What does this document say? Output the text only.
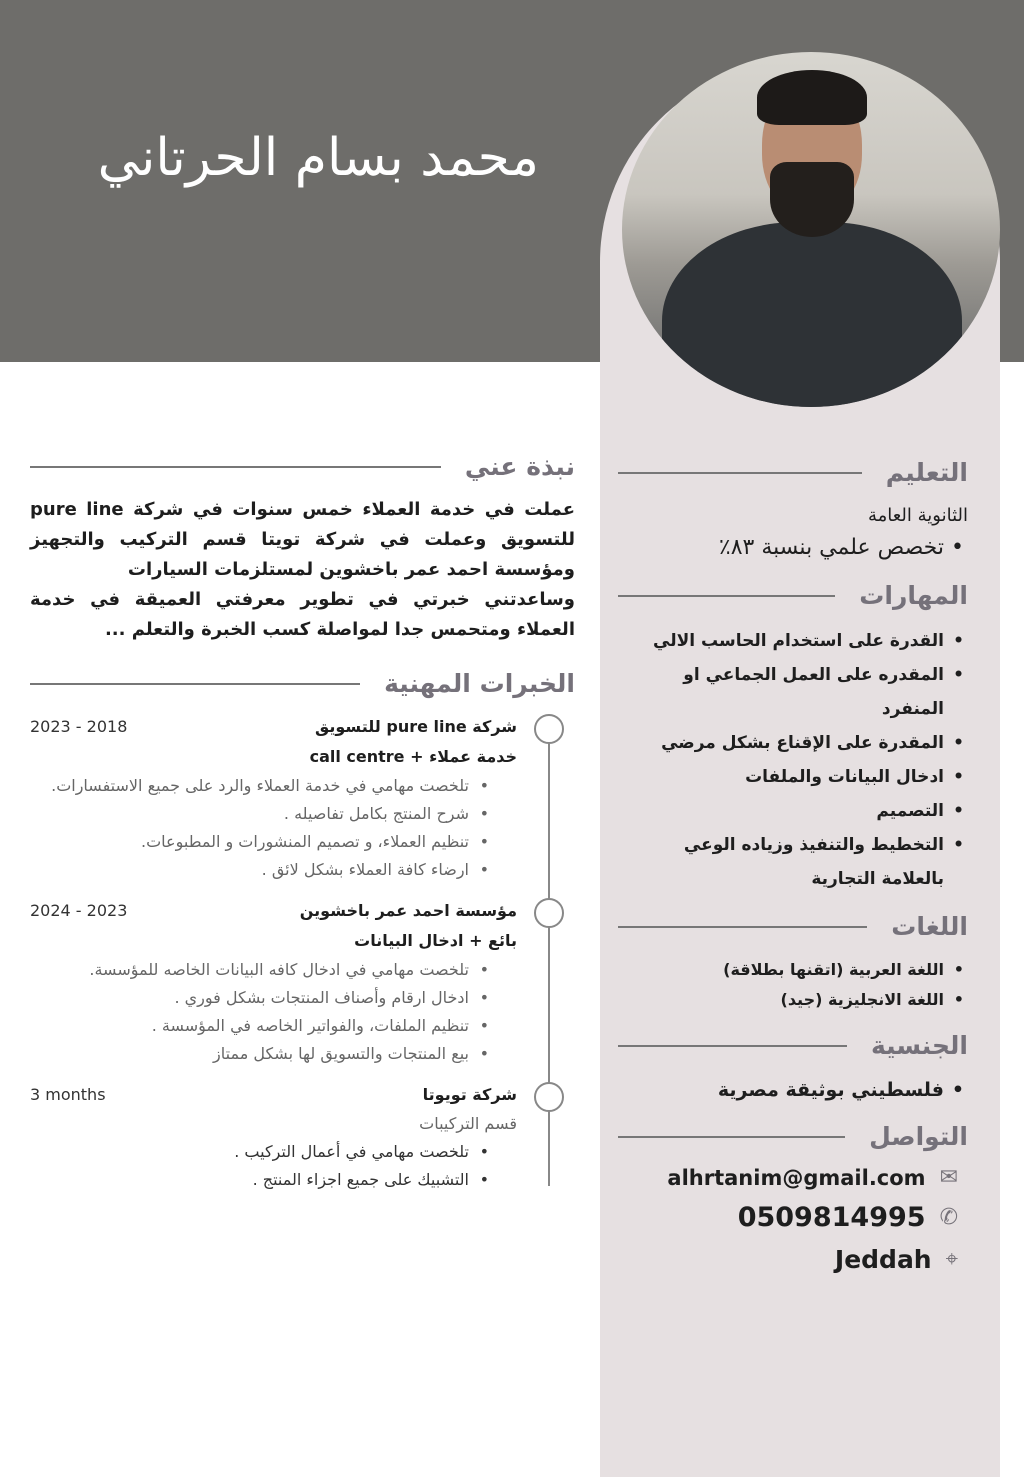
محمد بسام الحرتاني
نبذة عني
عملت في خدمة العملاء خمس سنوات في شركة pure line للتسويق وعملت في شركة تويتا قسم التركيب والتجهيز ومؤسسة احمد عمر باخشوين لمستلزمات السيارات
وساعدتني خبرتي في تطوير معرفتي العميقة في خدمة العملاء ومتحمس جدا لمواصلة كسب الخبرة والتعلم ...
الخبرات المهنية
شركة pure line للتسويق
2023 - 2018
خدمة عملاء + call centre
• تلخصت مهامي في خدمة العملاء والرد على جميع الاستفسارات.
• شرح المنتج بكامل تفاصيله .
• تنظيم العملاء، و تصميم المنشورات و المطبوعات.
• ارضاء كافة العملاء بشكل لائق .
مؤسسة احمد عمر باخشوين
2024 - 2023
بائع + ادخال البيانات
• تلخصت مهامي في ادخال كافه البيانات الخاصه للمؤسسة.
• ادخال ارقام وأصناف المنتجات بشكل فوري .
• تنظيم الملفات، والفواتير الخاصه في المؤسسة .
• بيع المنتجات والتسويق لها بشكل ممتاز
شركة تويوتا
3 months
قسم التركيبات
• تلخصت مهامي في أعمال التركيب .
• التشبيك على جميع اجزاء المنتج .
التعليم
الثانوية العامة
• تخصص علمي بنسبة ٨٣٪
المهارات
• القدرة على استخدام الحاسب الالي
• المقدره على العمل الجماعي او المنفرد
• المقدرة على الإقناع بشكل مرضي
• ادخال البيانات والملفات
• التصميم
• التخطيط والتنفيذ وزياده الوعي بالعلامة التجارية
اللغات
• اللغة العربية (اتقنها بطلاقة)
• اللغة الانجليزية (جيد)
الجنسية
• فلسطيني بوثيقة مصرية
التواصل
alhrtanim@gmail.com ✉
0509814995 ✆
Jeddah ⌖
